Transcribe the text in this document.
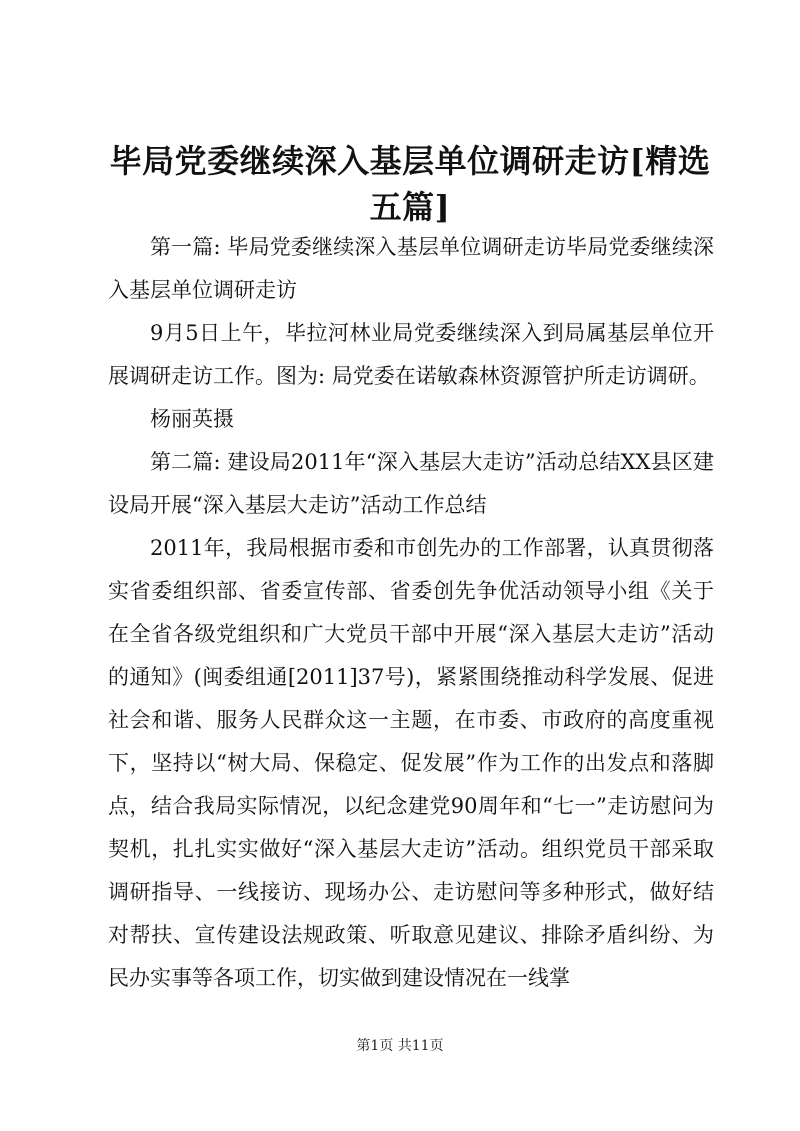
毕局党委继续深入基层单位调研走访[精选五篇]

第一篇: 毕局党委继续深入基层单位调研走访毕局党委继续深入基层单位调研走访

9月5日上午，毕拉河林业局党委继续深入到局属基层单位开展调研走访工作。图为: 局党委在诺敏森林资源管护所走访调研。

杨丽英摄

第二篇: 建设局2011年“深入基层大走访”活动总结XX县区建设局开展“深入基层大走访”活动工作总结

2011年，我局根据市委和市创先办的工作部署，认真贯彻落实省委组织部、省委宣传部、省委创先争优活动领导小组《关于在全省各级党组织和广大党员干部中开展“深入基层大走访”活动的通知》(闽委组通[2011]37号)，紧紧围绕推动科学发展、促进社会和谐、服务人民群众这一主题，在市委、市政府的高度重视下，坚持以“树大局、保稳定、促发展”作为工作的出发点和落脚点，结合我局实际情况，以纪念建党90周年和“七一”走访慰问为契机，扎扎实实做好“深入基层大走访”活动。组织党员干部采取调研指导、一线接访、现场办公、走访慰问等多种形式，做好结对帮扶、宣传建设法规政策、听取意见建议、排除矛盾纠纷、为民办实事等各项工作，切实做到建设情况在一线掌

第1页 共11页
